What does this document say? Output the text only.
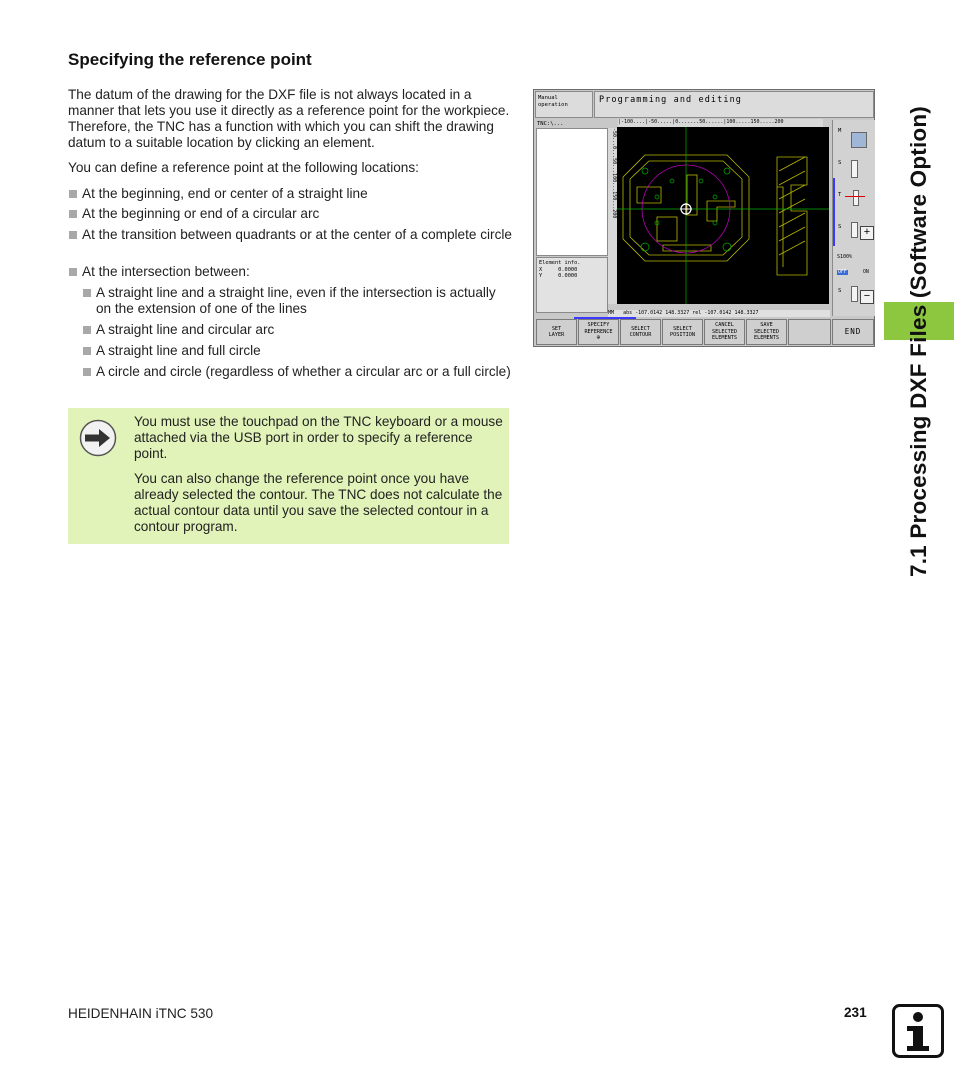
Specifying the reference point

The datum of the drawing for the DXF file is not always located in a manner that lets you use it directly as a reference point for the workpiece. Therefore, the TNC has a function with which you can shift the drawing datum to a suitable location by clicking an element.

You can define a reference point at the following locations:

At the beginning, end or center of a straight line
At the beginning or end of a circular arc
At the transition between quadrants or at the center of a complete circle
At the intersection between:
A straight line and a straight line, even if the intersection is actually on the extension of one of the lines
A straight line and circular arc
A straight line and full circle
A circle and circle (regardless of whether a circular arc or a full circle)

You must use the touchpad on the TNC keyboard or a mouse attached via the USB port in order to specify a reference point.

You can also change the reference point once you have already selected the contour. The TNC does not calculate the actual contour data until you save the selected contour in a contour program.

Manual
operation	Programming and editing
TNC:\...
Element info.
X	0.0000
Y	0.0000
|-100....|-50.....|0.......50......|100.....150.....200
-50...0...50...100...150...200
MM abs -107.0142 148.3327 rel -107.0142 148.3327
M
S
T
S	+
S100%
OFF	ON
S	−
SET
LAYER
SPECIFY
REFERENCE
⊕
SELECT
CONTOUR
SELECT
POSITION
CANCEL
SELECTED
ELEMENTS
SAVE
SELECTED
ELEMENTS
END 7.1 Processing DXF Files (Software Option)
HEIDENHAIN iTNC 530	231
